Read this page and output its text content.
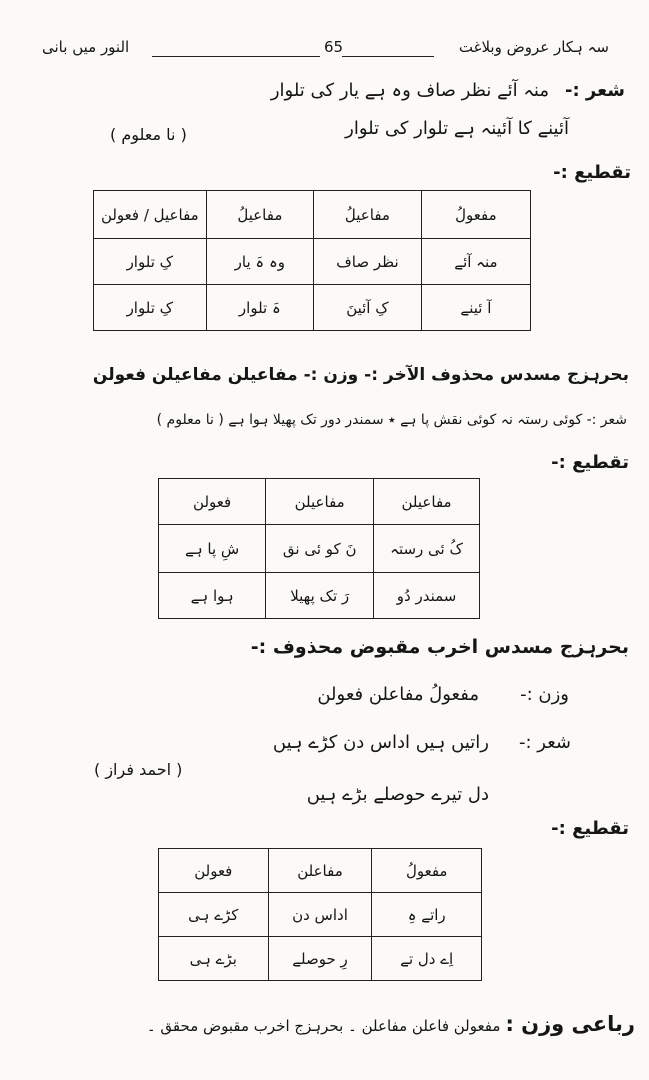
سہ ہکار عروض وبلاغت
65
النور میں بانی
شعر :-
منہ آئے نظر صاف وہ ہے یار کی تلوار
آئینے کا آئینہ ہے تلوار کی تلوار
( نا معلوم )
تقطیع :-
مفعولُ	مفاعیلُ	مفاعیلُ	مفاعیل / فعولن
منہ آئے	نظر صاف	وہ ہَ یار	کِ تلوار
آ ئینے	کِ آئینَ	ہَ تلوار	کِ تلوار
بحرہزج مسدس محذوف الآخر :- وزن :- مفاعیلن مفاعیلن فعولن
شعر :- کوئی رستہ نہ کوئی نقش پا ہے ٭ سمندر دور تک پھیلا ہوا ہے ( نا معلوم )
تقطیع :-
مفاعیلن	مفاعیلن	فعولن
کُ ئی رستہ	نَ کو ئی نق	شِ پا ہے
سمندر دُو	رَ تک پھیلا	ہوا ہے
بحرہزج مسدس اخرب مقبوض محذوف :-
وزن :-
مفعولُ مفاعلن فعولن
شعر :-
راتیں ہیں اداس دن کڑے ہیں
دل تیرے حوصلے بڑے ہیں
( احمد فراز )
تقطیع :-
مفعولُ	مفاعلن	فعولن
راتے ہِ	اداس دن	کڑے ہی
اِے دل تے	رِ حوصلے	بڑے ہی
رباعی وزن : مفعولن فاعلن مفاعلن ۔ بحرہزج اخرب مقبوض محقق ۔
